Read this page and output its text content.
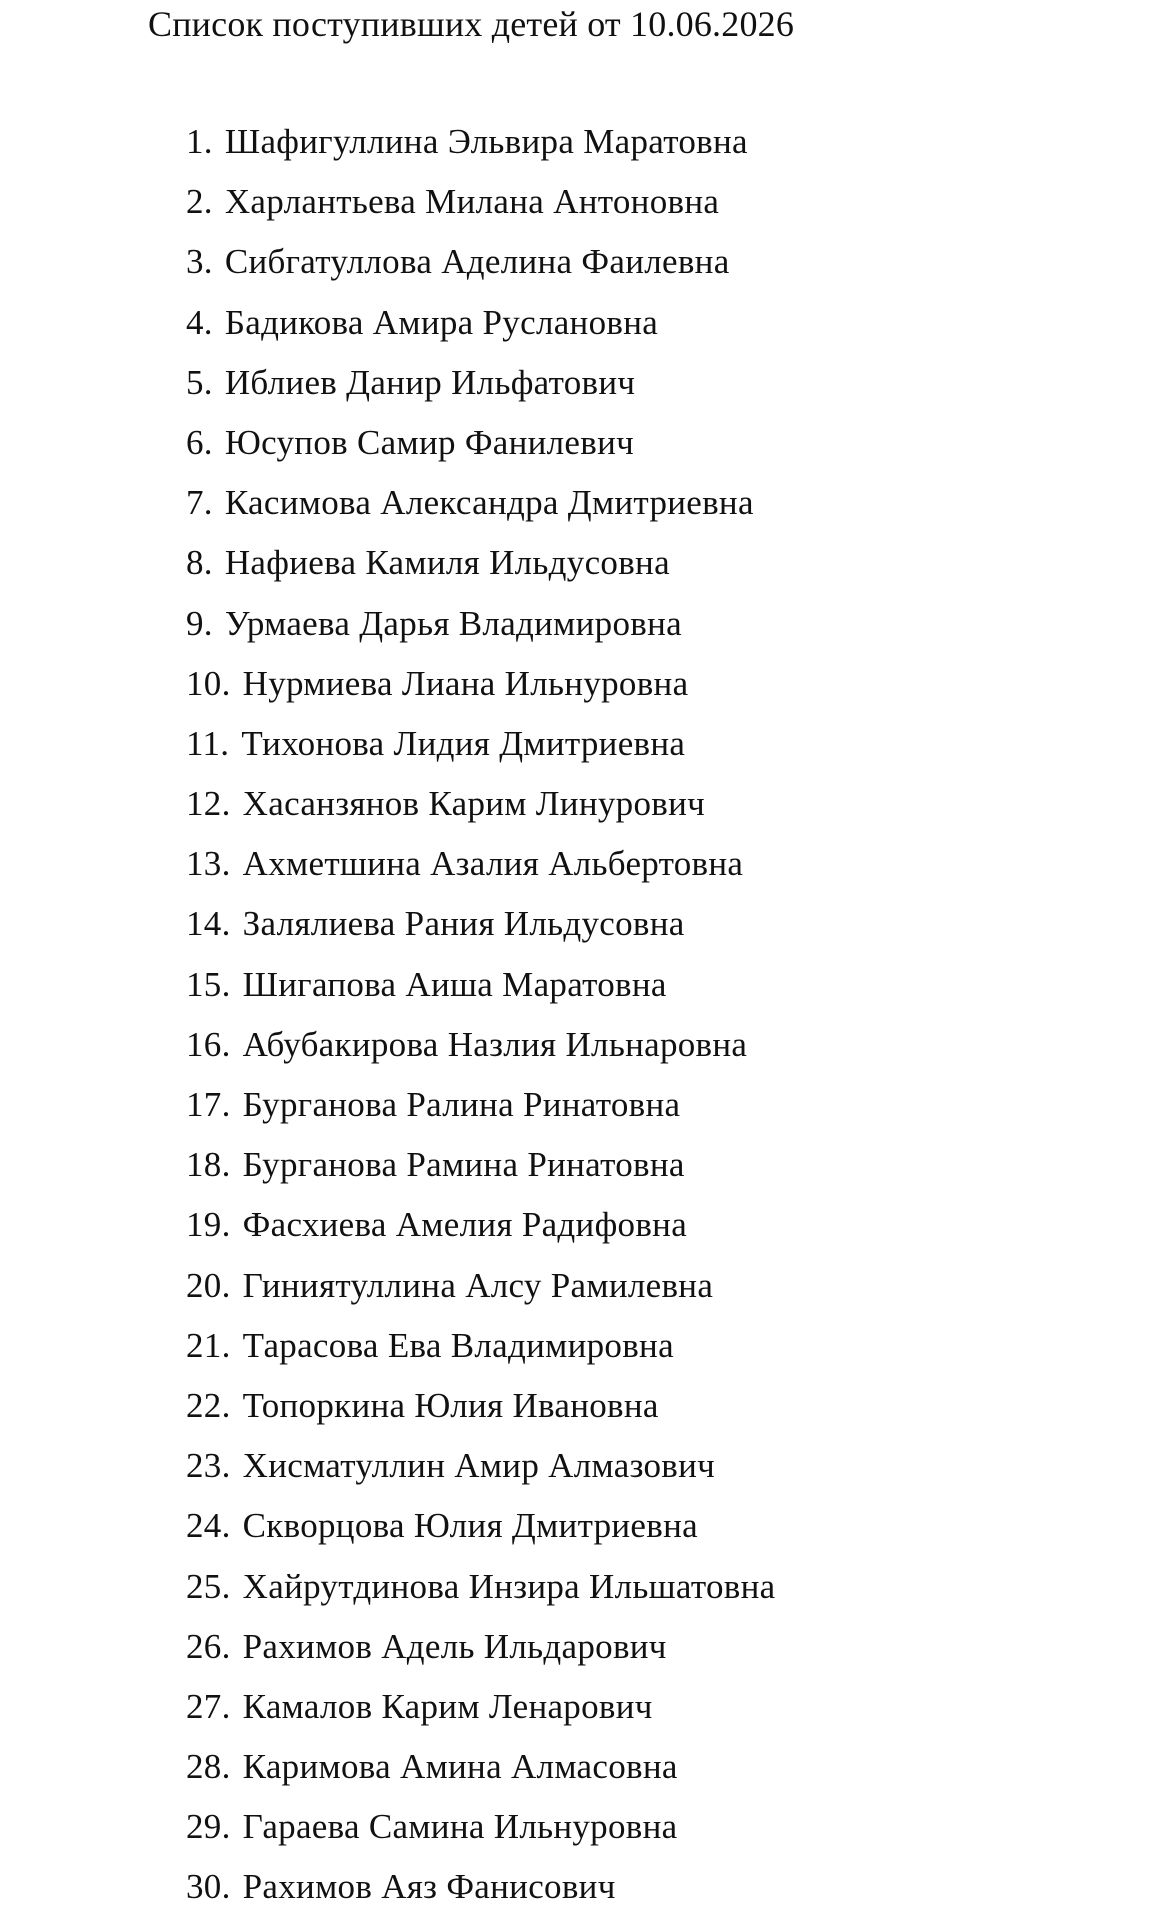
Список поступивших детей от 10.06.2026
1. Шафигуллина Эльвира Маратовна
2. Харлантьева Милана Антоновна
3. Сибгатуллова Аделина Фаилевна
4. Бадикова Амира Руслановна
5. Иблиев Данир Ильфатович
6. Юсупов Самир Фанилевич
7. Касимова Александра Дмитриевна
8. Нафиева Камиля Ильдусовна
9. Урмаева Дарья Владимировна
10. Нурмиева Лиана Ильнуровна
11. Тихонова Лидия Дмитриевна
12. Хасанзянов Карим Линурович
13. Ахметшина Азалия Альбертовна
14. Залялиева Рания Ильдусовна
15. Шигапова Аиша Маратовна
16. Абубакирова Назлия Ильнаровна
17. Бурганова Ралина Ринатовна
18. Бурганова Рамина Ринатовна
19. Фасхиева Амелия Радифовна
20. Гиниятуллина Алсу Рамилевна
21. Тарасова Ева Владимировна
22. Топоркина Юлия Ивановна
23. Хисматуллин Амир Алмазович
24. Скворцова Юлия Дмитриевна
25. Хайрутдинова Инзира Ильшатовна
26. Рахимов Адель Ильдарович
27. Камалов Карим Ленарович
28. Каримова Амина Алмасовна
29. Гараева Самина Ильнуровна
30. Рахимов Аяз Фанисович
